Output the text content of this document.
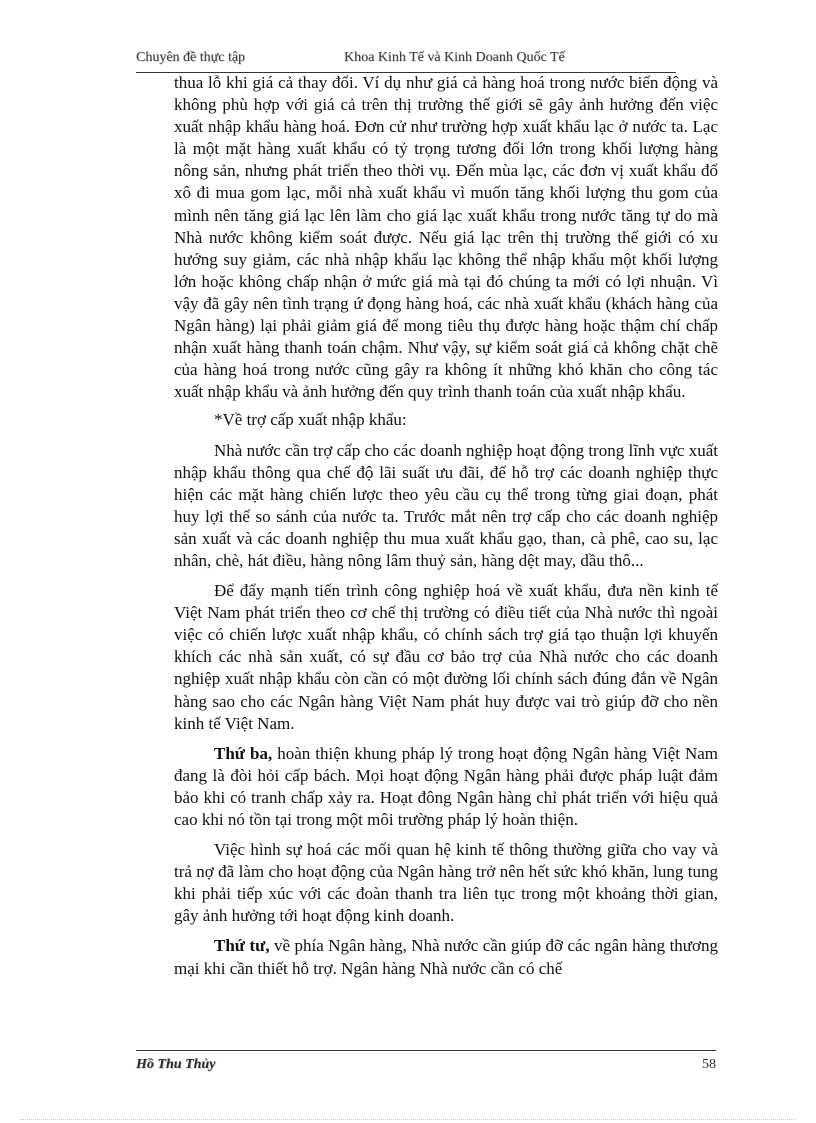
Chuyên đề thực tập	Khoa Kinh Tế và Kinh Doanh Quốc Tế

thua lỗ khi giá cả thay đổi. Ví dụ như giá cả hàng hoá trong nước biến động và không phù hợp với giá cả trên thị trường thế giới sẽ gây ảnh hưởng đến việc xuất nhập khẩu hàng hoá. Đơn cử như trường hợp xuất khẩu lạc ở nước ta. Lạc là một mặt hàng xuất khẩu có tỷ trọng tương đối lớn trong khối lượng hàng nông sản, nhưng phát triển theo thời vụ. Đến mùa lạc, các đơn vị xuất khẩu đổ xô đi mua gom lạc, mỗi nhà xuất khẩu vì muốn tăng khối lượng thu gom của mình nên tăng giá lạc lên làm cho giá lạc xuất khẩu trong nước tăng tự do mà Nhà nước không kiểm soát được. Nếu giá lạc trên thị trường thế giới có xu hướng suy giảm, các nhà nhập khẩu lạc không thể nhập khẩu một khối lượng lớn hoặc không chấp nhận ở mức giá mà tại đó chúng ta mới có lợi nhuận. Vì vậy đã gây nên tình trạng ứ đọng hàng hoá, các nhà xuất khẩu (khách hàng của Ngân hàng) lại phải giảm giá để mong tiêu thụ được hàng hoặc thậm chí chấp nhận xuất hàng thanh toán chậm. Như vậy, sự kiểm soát giá cả không chặt chẽ của hàng hoá trong nước cũng gây ra không ít những khó khăn cho công tác xuất nhập khẩu và ảnh hưởng đến quy trình thanh toán của xuất nhập khẩu.

*Về trợ cấp xuất nhập khẩu:

Nhà nước cần trợ cấp cho các doanh nghiệp hoạt động trong lĩnh vực xuất nhập khẩu thông qua chế độ lãi suất ưu đãi, để hỗ trợ các doanh nghiệp thực hiện các mặt hàng chiến lược theo yêu cầu cụ thể trong từng giai đoạn, phát huy lợi thế so sánh của nước ta. Trước mắt nên trợ cấp cho các doanh nghiệp sản xuất và các doanh nghiệp thu mua xuất khẩu gạo, than, cà phê, cao su, lạc nhân, chè, hát điều, hàng nông lâm thuỷ sản, hàng dệt may, dầu thô...

Để đẩy mạnh tiến trình công nghiệp hoá về xuất khẩu, đưa nền kinh tế Việt Nam phát triển theo cơ chế thị trường có điều tiết của Nhà nước thì ngoài việc có chiến lược xuất nhập khẩu, có chính sách trợ giá tạo thuận lợi khuyến khích các nhà sản xuất, có sự đầu cơ bảo trợ của Nhà nước cho các doanh nghiệp xuất nhập khẩu còn cần có một đường lối chính sách đúng đắn về Ngân hàng sao cho các Ngân hàng Việt Nam phát huy được vai trò giúp đỡ cho nền kinh tế Việt Nam.

Thứ ba, hoàn thiện khung pháp lý trong hoạt động Ngân hàng Việt Nam đang là đòi hỏi cấp bách. Mọi hoạt động Ngân hàng phải được pháp luật đảm bảo khi có tranh chấp xảy ra. Hoạt đông Ngân hàng chỉ phát triển với hiệu quả cao khi nó tồn tại trong một môi trường pháp lý hoàn thiện.

Việc hình sự hoá các mối quan hệ kinh tế thông thường giữa cho vay và trả nợ đã làm cho hoạt động của Ngân hàng trở nên hết sức khó khăn, lung tung khi phải tiếp xúc với các đoàn thanh tra liên tục trong một khoảng thời gian, gây ảnh hưởng tới hoạt động kinh doanh.

Thứ tư, về phía Ngân hàng, Nhà nước cần giúp đỡ các ngân hàng thương mại khi cần thiết hỗ trợ. Ngân hàng Nhà nước cần có chế

Hồ Thu Thủy	58
